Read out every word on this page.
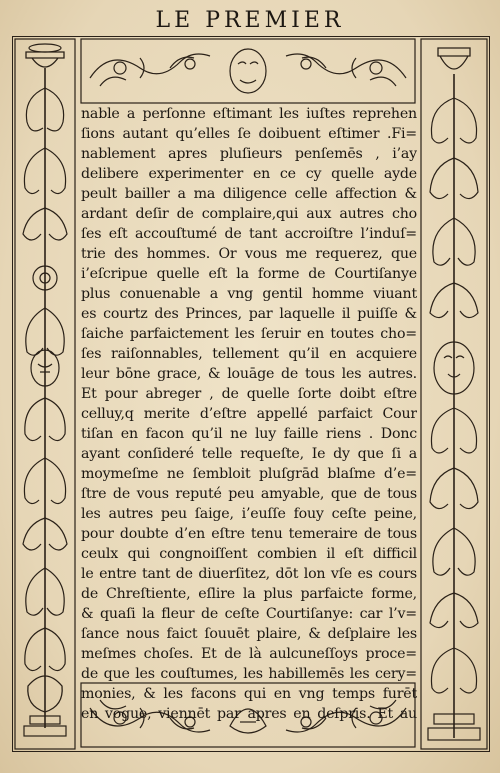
LE PREMIER
nable a perſonne eſtimant les iuſtes reprehen
ſions autant qu’elles ſe doibuent eſtimer .Fi=
nablement apres pluſieurs penſemēs , i’ay
delibere experimenter en ce cy quelle ayde
peult bailler a ma diligence celle affection &
ardant deſir de complaire,qui aux autres cho
ſes eſt accouſtumé de tant accroiſtre l’induſ=
trie des hommes. Or vous me requerez, que
i’eſcripue quelle eſt la forme de Courtiſanye
plus conuenable a vng gentil homme viuant
es courtz des Princes, par laquelle il puiſſe &
ſaiche parfaictement les ſeruir en toutes cho=
ſes raiſonnables, tellement qu’il en acquiere
leur bōne grace, & louāge de tous les autres.
Et pour abreger , de quelle ſorte doibt eſtre
celluy,q merite d’eſtre appellé parfaict Cour
tiſan en facon qu’il ne luy faille riens . Donc
ayant conſideré telle requeſte, Ie dy que ſi a
moymeſme ne ſembloit pluſgrād blaſme d’e=
ſtre de vous reputé peu amyable, que de tous
les autres peu ſaige, i’euſſe fouy ceſte peine,
pour doubte d’en eſtre tenu temeraire de tous
ceulx qui congnoiſſent combien il eſt difficil
le entre tant de diuerſitez, dōt lon vſe es cours
de Chreſtiente, eſlire la plus parfaicte forme,
& quaſi la fleur de ceſte Courtiſanye: car l’v=
ſance nous faict ſouuēt plaire, & deſplaire les
meſmes choſes. Et de là aulcuneſſoys proce=
de que les couſtumes, les habillemēs les cery=
monies, & les facons qui en vng temps furēt
en vogue, viennēt par apres en deſpris. Et au
